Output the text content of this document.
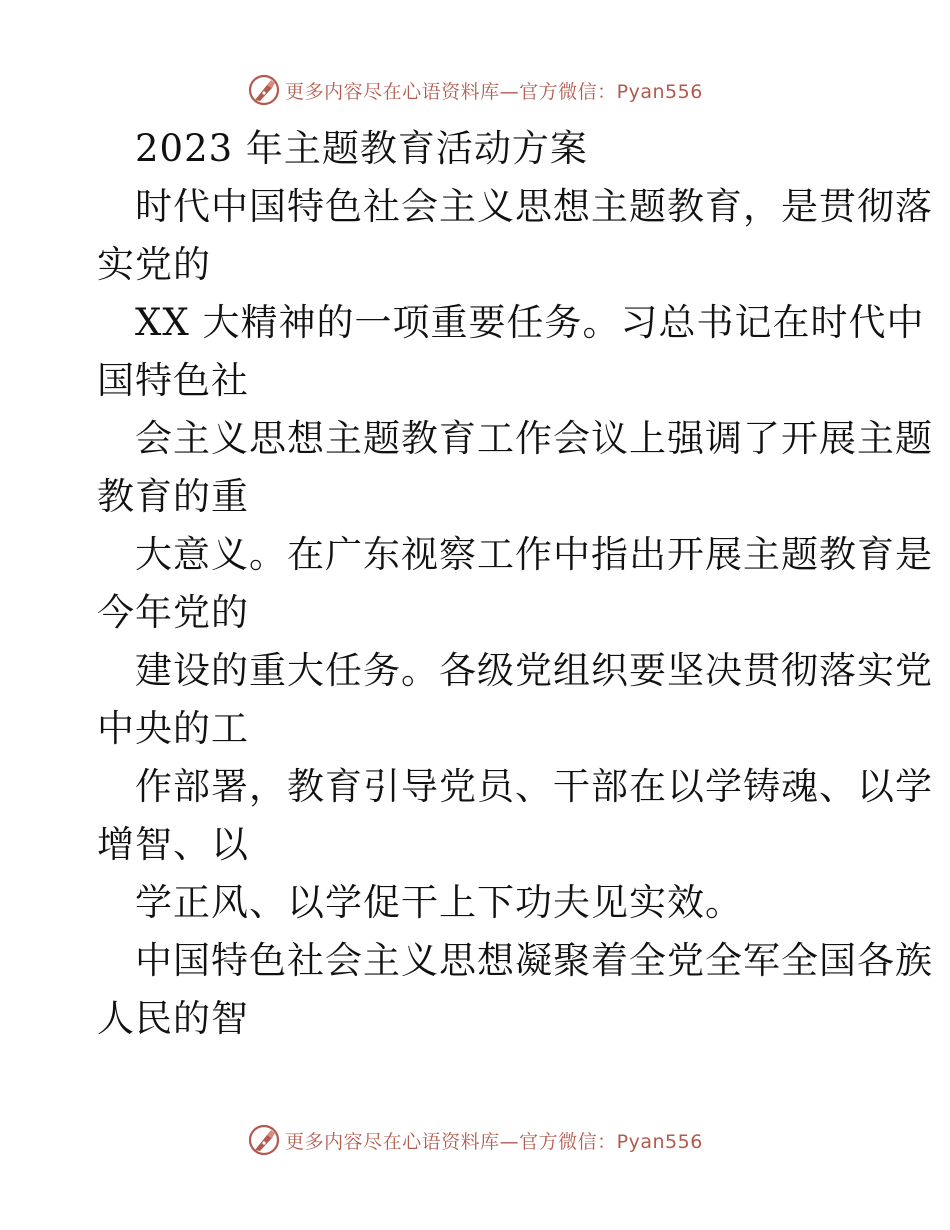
更多内容尽在心语资料库—官方微信：Pyan556
2023 年主题教育活动方案
时代中国特色社会主义思想主题教育，是贯彻落
实党的
XX 大精神的一项重要任务。习总书记在时代中
国特色社
会主义思想主题教育工作会议上强调了开展主题
教育的重
大意义。在广东视察工作中指出开展主题教育是
今年党的
建设的重大任务。各级党组织要坚决贯彻落实党
中央的工
作部署，教育引导党员、干部在以学铸魂、以学
增智、以
学正风、以学促干上下功夫见实效。
中国特色社会主义思想凝聚着全党全军全国各族
人民的智
更多内容尽在心语资料库—官方微信：Pyan556
